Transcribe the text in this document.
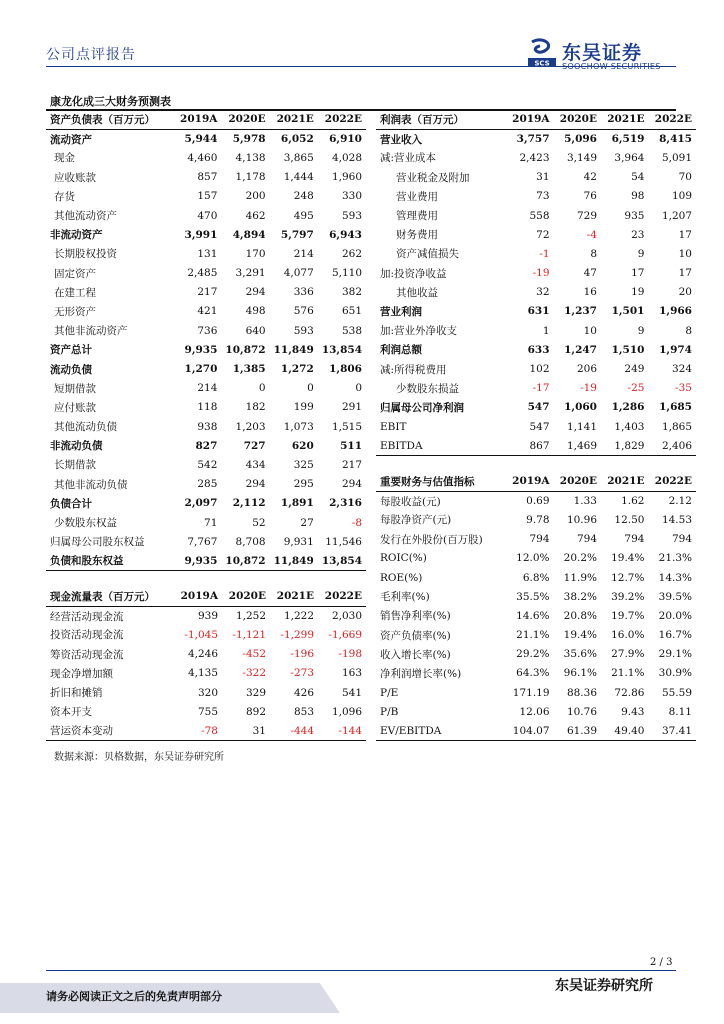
公司点评报告
SCS 东吴证券
SOOCHOW SECURITIES
康龙化成三大财务预测表
资产负债表（百万元）	2019A	2020E	2021E	2022E
流动资产	5,944	5,978	6,052	6,910
现金	4,460	4,138	3,865	4,028
应收账款	857	1,178	1,444	1,960
存货	157	200	248	330
其他流动资产	470	462	495	593
非流动资产	3,991	4,894	5,797	6,943
长期股权投资	131	170	214	262
固定资产	2,485	3,291	4,077	5,110
在建工程	217	294	336	382
无形资产	421	498	576	651
其他非流动资产	736	640	593	538
资产总计	9,935	10,872	11,849	13,854
流动负债	1,270	1,385	1,272	1,806
短期借款	214	0	0	0
应付账款	118	182	199	291
其他流动负债	938	1,203	1,073	1,515
非流动负债	827	727	620	511
长期借款	542	434	325	217
其他非流动负债	285	294	295	294
负债合计	2,097	2,112	1,891	2,316
少数股东权益	71	52	27	-8
归属母公司股东权益	7,767	8,708	9,931	11,546
负债和股东权益	9,935	10,872	11,849	13,854
利润表（百万元）	2019A	2020E	2021E	2022E
营业收入	3,757	5,096	6,519	8,415
减:营业成本	2,423	3,149	3,964	5,091
营业税金及附加	31	42	54	70
营业费用	73	76	98	109
管理费用	558	729	935	1,207
财务费用	72	-4	23	17
资产减值损失	-1	8	9	10
加:投资净收益	-19	47	17	17
其他收益	32	16	19	20
营业利润	631	1,237	1,501	1,966
加:营业外净收支	1	10	9	8
利润总额	633	1,247	1,510	1,974
减:所得税费用	102	206	249	324
少数股东损益	-17	-19	-25	-35
归属母公司净利润	547	1,060	1,286	1,685
EBIT	547	1,141	1,403	1,865
EBITDA	867	1,469	1,829	2,406
重要财务与估值指标	2019A	2020E	2021E	2022E
每股收益(元)	0.69	1.33	1.62	2.12
每股净资产(元)	9.78	10.96	12.50	14.53
发行在外股份(百万股)	794	794	794	794
ROIC(%)	12.0%	20.2%	19.4%	21.3%
ROE(%)	6.8%	11.9%	12.7%	14.3%
毛利率(%)	35.5%	38.2%	39.2%	39.5%
销售净利率(%)	14.6%	20.8%	19.7%	20.0%
资产负债率(%)	21.1%	19.4%	16.0%	16.7%
收入增长率(%)	29.2%	35.6%	27.9%	29.1%
净利润增长率(%)	64.3%	96.1%	21.1%	30.9%
P/E	171.19	88.36	72.86	55.59
P/B	12.06	10.76	9.43	8.11
EV/EBITDA	104.07	61.39	49.40	37.41
现金流量表（百万元）	2019A	2020E	2021E	2022E
经营活动现金流	939	1,252	1,222	2,030
投资活动现金流	-1,045	-1,121	-1,299	-1,669
筹资活动现金流	4,246	-452	-196	-198
现金净增加额	4,135	-322	-273	163
折旧和摊销	320	329	426	541
资本开支	755	892	853	1,096
营运资本变动	-78	31	-444	-144
数据来源：贝格数据，东吴证券研究所
2 / 3
东吴证券研究所
请务必阅读正文之后的免责声明部分
